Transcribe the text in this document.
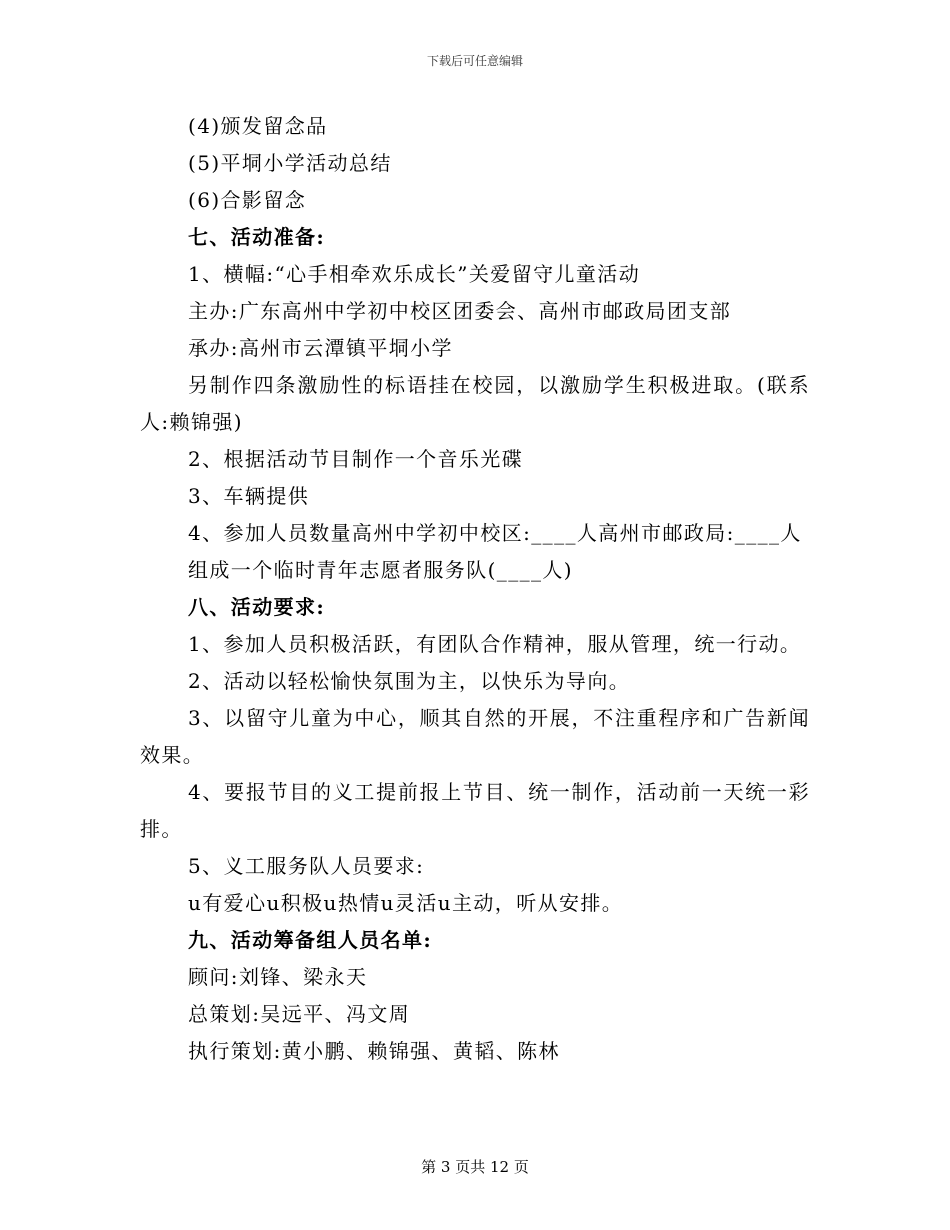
下载后可任意编辑
(4)颁发留念品
(5)平垌小学活动总结
(6)合影留念
七、活动准备:
1、横幅:“心手相牵欢乐成长”关爱留守儿童活动
主办:广东高州中学初中校区团委会、高州市邮政局团支部
承办:高州市云潭镇平垌小学
另制作四条激励性的标语挂在校园，以激励学生积极进取。(联系人:赖锦强)
2、根据活动节目制作一个音乐光碟
3、车辆提供
4、参加人员数量高州中学初中校区:____人高州市邮政局:____人
组成一个临时青年志愿者服务队(____人)
八、活动要求:
1、参加人员积极活跃，有团队合作精神，服从管理，统一行动。
2、活动以轻松愉快氛围为主，以快乐为导向。
3、以留守儿童为中心，顺其自然的开展，不注重程序和广告新闻效果。
4、要报节目的义工提前报上节目、统一制作，活动前一天统一彩排。
5、义工服务队人员要求:
u有爱心u积极u热情u灵活u主动，听从安排。
九、活动筹备组人员名单:
顾问:刘锋、梁永天
总策划:吴远平、冯文周
执行策划:黄小鹏、赖锦强、黄韬、陈林
第 3 页共 12 页
